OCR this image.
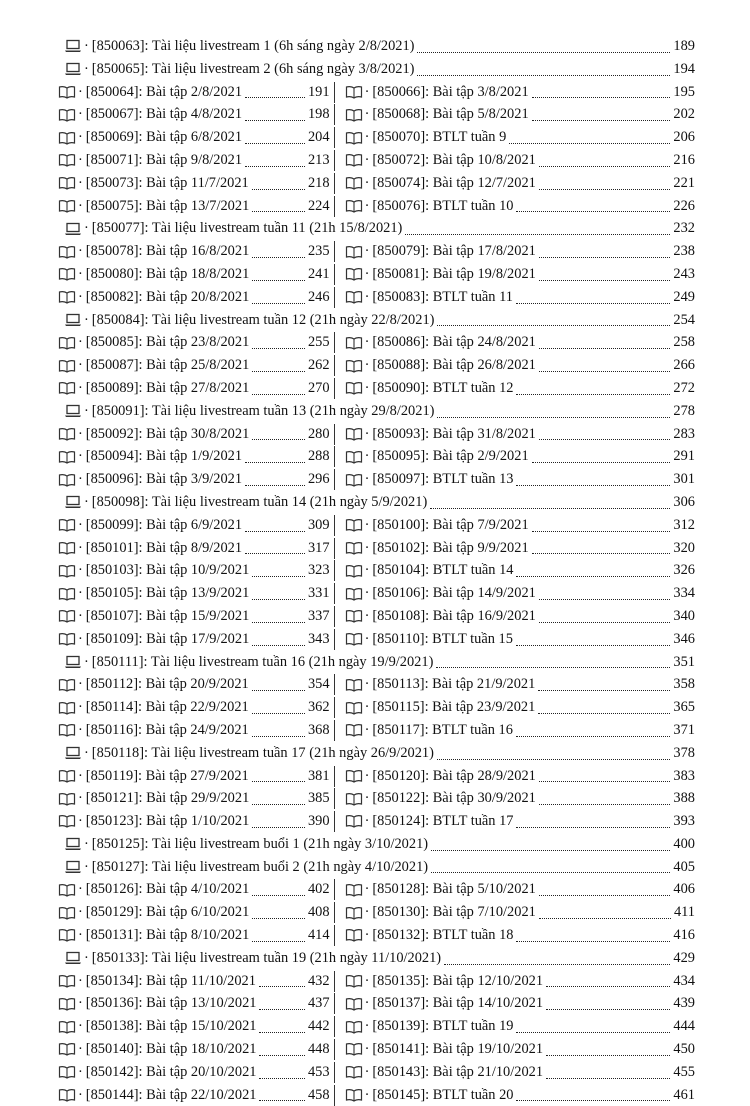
· [850063]: Tài liệu livestream 1 (6h sáng ngày 2/8/2021)	189
· [850065]: Tài liệu livestream 2 (6h sáng ngày 3/8/2021)	194
· [850064]: Bài tập 2/8/2021	191 · [850066]: Bài tập 3/8/2021	195
· [850067]: Bài tập 4/8/2021	198 · [850068]: Bài tập 5/8/2021	202
· [850069]: Bài tập 6/8/2021	204 · [850070]: BTLT tuần 9	206
· [850071]: Bài tập 9/8/2021	213 · [850072]: Bài tập 10/8/2021	216
· [850073]: Bài tập 11/7/2021	218 · [850074]: Bài tập 12/7/2021	221
· [850075]: Bài tập 13/7/2021	224 · [850076]: BTLT tuần 10	226
· [850077]: Tài liệu livestream tuần 11 (21h 15/8/2021)	232
· [850078]: Bài tập 16/8/2021	235 · [850079]: Bài tập 17/8/2021	238
· [850080]: Bài tập 18/8/2021	241 · [850081]: Bài tập 19/8/2021	243
· [850082]: Bài tập 20/8/2021	246 · [850083]: BTLT tuần 11	249
· [850084]: Tài liệu livestream tuần 12 (21h ngày 22/8/2021)	254
· [850085]: Bài tập 23/8/2021	255 · [850086]: Bài tập 24/8/2021	258
· [850087]: Bài tập 25/8/2021	262 · [850088]: Bài tập 26/8/2021	266
· [850089]: Bài tập 27/8/2021	270 · [850090]: BTLT tuần 12	272
· [850091]: Tài liệu livestream tuần 13 (21h ngày 29/8/2021)	278
· [850092]: Bài tập 30/8/2021	280 · [850093]: Bài tập 31/8/2021	283
· [850094]: Bài tập 1/9/2021	288 · [850095]: Bài tập 2/9/2021	291
· [850096]: Bài tập 3/9/2021	296 · [850097]: BTLT tuần 13	301
· [850098]: Tài liệu livestream tuần 14 (21h ngày 5/9/2021)	306
· [850099]: Bài tập 6/9/2021	309 · [850100]: Bài tập 7/9/2021	312
· [850101]: Bài tập 8/9/2021	317 · [850102]: Bài tập 9/9/2021	320
· [850103]: Bài tập 10/9/2021	323 · [850104]: BTLT tuần 14	326
· [850105]: Bài tập 13/9/2021	331 · [850106]: Bài tập 14/9/2021	334
· [850107]: Bài tập 15/9/2021	337 · [850108]: Bài tập 16/9/2021	340
· [850109]: Bài tập 17/9/2021	343 · [850110]: BTLT tuần 15	346
· [850111]: Tài liệu livestream tuần 16 (21h ngày 19/9/2021)	351
· [850112]: Bài tập 20/9/2021	354 · [850113]: Bài tập 21/9/2021	358
· [850114]: Bài tập 22/9/2021	362 · [850115]: Bài tập 23/9/2021	365
· [850116]: Bài tập 24/9/2021	368 · [850117]: BTLT tuần 16	371
· [850118]: Tài liệu livestream tuần 17 (21h ngày 26/9/2021)	378
· [850119]: Bài tập 27/9/2021	381 · [850120]: Bài tập 28/9/2021	383
· [850121]: Bài tập 29/9/2021	385 · [850122]: Bài tập 30/9/2021	388
· [850123]: Bài tập 1/10/2021	390 · [850124]: BTLT tuần 17	393
· [850125]: Tài liệu livestream buổi 1 (21h ngày 3/10/2021)	400
· [850127]: Tài liệu livestream buổi 2 (21h ngày 4/10/2021)	405
· [850126]: Bài tập 4/10/2021	402 · [850128]: Bài tập 5/10/2021	406
· [850129]: Bài tập 6/10/2021	408 · [850130]: Bài tập 7/10/2021	411
· [850131]: Bài tập 8/10/2021	414 · [850132]: BTLT tuần 18	416
· [850133]: Tài liệu livestream tuần 19 (21h ngày 11/10/2021)	429
· [850134]: Bài tập 11/10/2021	432 · [850135]: Bài tập 12/10/2021	434
· [850136]: Bài tập 13/10/2021	437 · [850137]: Bài tập 14/10/2021	439
· [850138]: Bài tập 15/10/2021	442 · [850139]: BTLT tuần 19	444
· [850140]: Bài tập 18/10/2021	448 · [850141]: Bài tập 19/10/2021	450
· [850142]: Bài tập 20/10/2021	453 · [850143]: Bài tập 21/10/2021	455
· [850144]: Bài tập 22/10/2021	458 · [850145]: BTLT tuần 20	461
